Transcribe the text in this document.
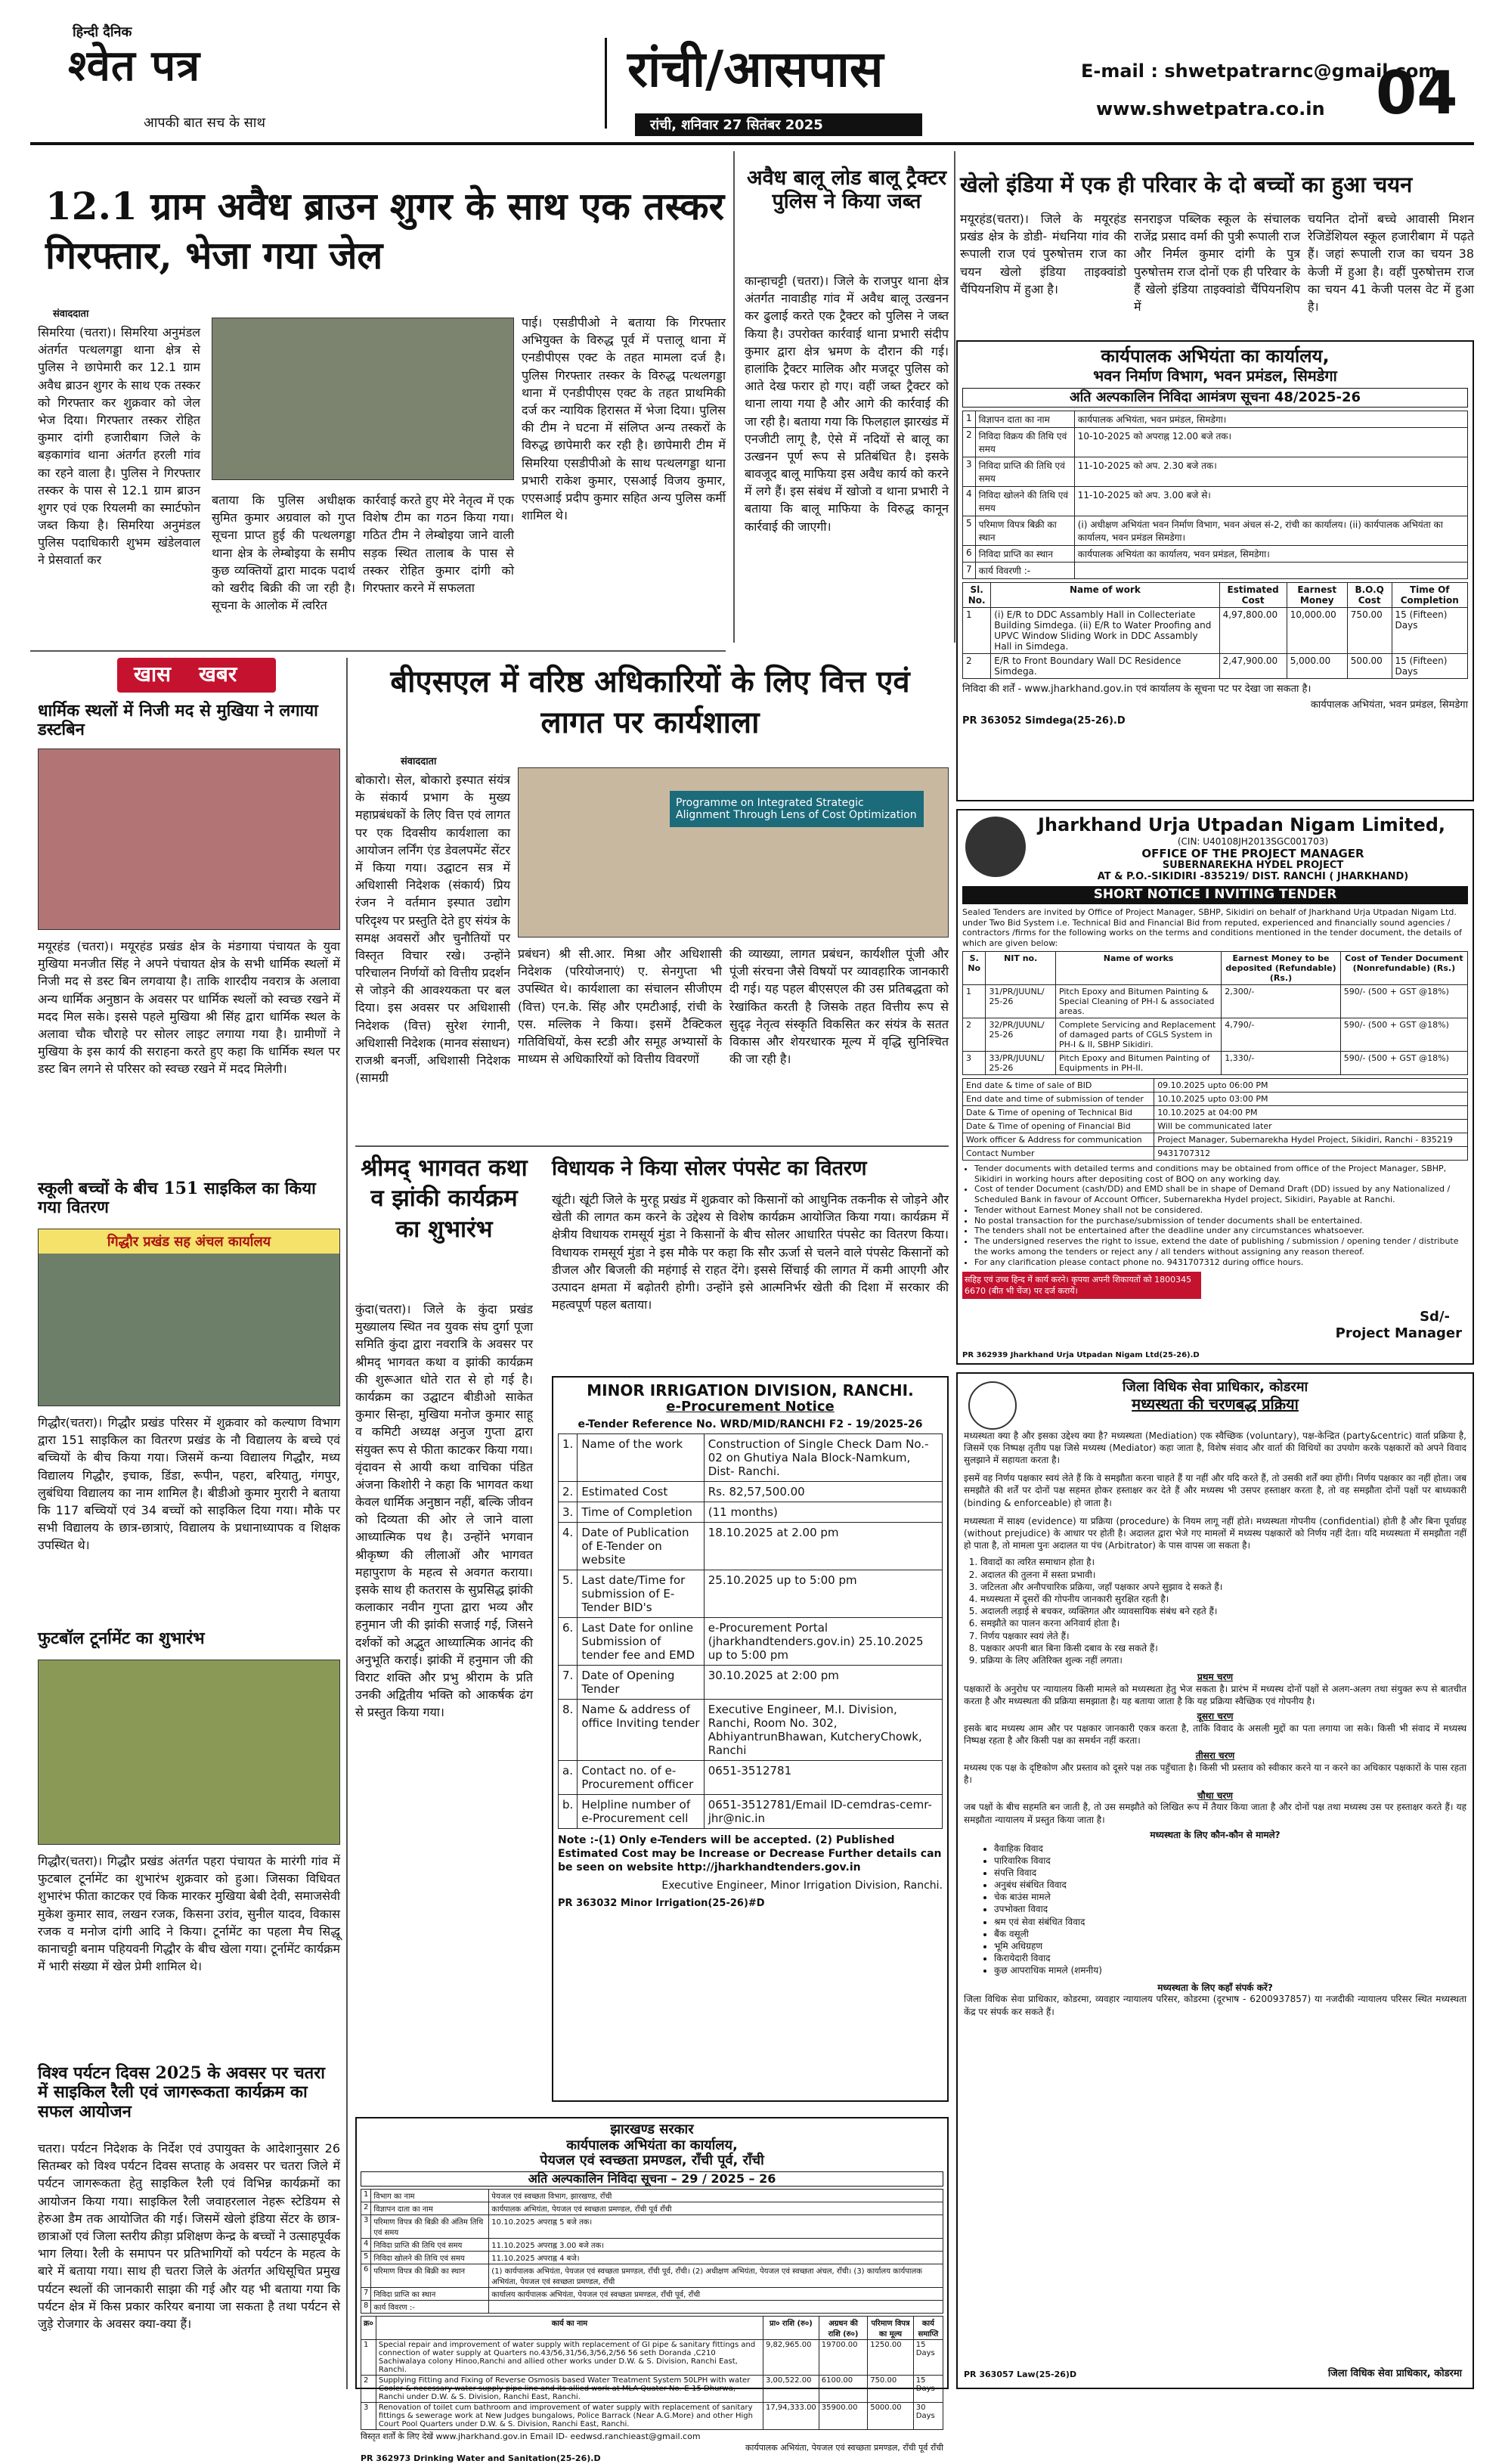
हिन्दी दैनिक
श्वेत पत्र
आपकी बात सच के साथ
रांची/आसपास
रांची, शनिवार 27 सितंबर 2025
E-mail : shwetpatrarnc@gmail.com
www.shwetpatra.co.in 04
12.1 ग्राम अवैध ब्राउन शुगर के साथ एक तस्कर गिरफ्तार, भेजा गया जेल
संवाददाता
सिमरिया (चतरा)। सिमरिया अनुमंडल अंतर्गत पत्थलगड्डा थाना क्षेत्र से पुलिस ने छापेमारी कर 12.1 ग्राम अवैध ब्राउन शुगर के साथ एक तस्कर को गिरफ्तार कर शुक्रवार को जेल भेज दिया। गिरफ्तार तस्कर रोहित कुमार दांगी हजारीबाग जिले के बड़कागांव थाना अंतर्गत हरली गांव का रहने वाला है। पुलिस ने गिरफ्तार तस्कर के पास से 12.1 ग्राम ब्राउन शुगर एवं एक रियलमी का स्मार्टफोन जब्त किया है। सिमरिया अनुमंडल पुलिस पदाधिकारी शुभम खंडेलवाल ने प्रेसवार्ता कर
बताया कि पुलिस अधीक्षक सुमित कुमार अग्रवाल को गुप्त सूचना प्राप्त हुई की पत्थलगड्डा थाना क्षेत्र के लेम्बोइया के समीप कुछ व्यक्तियों द्वारा मादक पदार्थ को खरीद बिक्री की जा रही है। सूचना के आलोक में त्वरित
कार्रवाई करते हुए मेरे नेतृत्व में एक विशेष टीम का गठन किया गया। गठित टीम ने लेम्बोइया जाने वाली सड़क स्थित तालाब के पास से तस्कर रोहित कुमार दांगी को गिरफ्तार करने में सफलता
पाई। एसडीपीओ ने बताया कि गिरफ्तार अभियुक्त के विरुद्ध पूर्व में पत्तालू थाना में एनडीपीएस एक्ट के तहत मामला दर्ज है। पुलिस गिरफ्तार तस्कर के विरुद्ध पत्थलगड्डा थाना में एनडीपीएस एक्ट के तहत प्राथमिकी दर्ज कर न्यायिक हिरासत में भेजा दिया। पुलिस की टीम ने घटना में संलिप्त अन्य तस्करों के विरुद्ध छापेमारी कर रही है। छापेमारी टीम में सिमरिया एसडीपीओ के साथ पत्थलगड्डा थाना प्रभारी राकेश कुमार, एसआई विजय कुमार, एएसआई प्रदीप कुमार सहित अन्य पुलिस कर्मी शामिल थे।
अवैध बालू लोड बालू ट्रैक्टर पुलिस ने किया जब्त
कान्हाचट्टी (चतरा)। जिले के राजपुर थाना क्षेत्र अंतर्गत नावाडीह गांव में अवैध बालू उत्खनन कर ढुलाई करते एक ट्रैक्टर को पुलिस ने जब्त किया है। उपरोक्त कार्रवाई थाना प्रभारी संदीप कुमार द्वारा क्षेत्र भ्रमण के दौरान की गई। हालांकि ट्रैक्टर मालिक और मजदूर पुलिस को आते देख फरार हो गए। वहीं जब्त ट्रैक्टर को थाना लाया गया है और आगे की कार्रवाई की जा रही है। बताया गया कि फिलहाल झारखंड में एनजीटी लागू है, ऐसे में नदियों से बालू का उत्खनन पूर्ण रूप से प्रतिबंधित है। इसके बावजूद बालू माफिया इस अवैध कार्य को करने में लगे हैं। इस संबंध में खोजो व थाना प्रभारी ने बताया कि बालू माफिया के विरुद्ध कानून कार्रवाई की जाएगी।
खेलो इंडिया में एक ही परिवार के दो बच्चों का हुआ चयन
मयूरहंड(चतरा)। जिले के मयूरहंड प्रखंड क्षेत्र के डोडी- मंधनिया गांव की रूपाली राज एवं पुरुषोत्तम राज का चयन खेलो इंडिया ताइक्वांडो चैंपियनशिप में हुआ है।
सनराइज पब्लिक स्कूल के संचालक राजेंद्र प्रसाद वर्मा की पुत्री रूपाली राज और निर्मल कुमार दांगी के पुत्र पुरुषोत्तम राज दोनों एक ही परिवार के हैं खेलो इंडिया ताइक्वांडो चैंपियनशिप में
चयनित दोनों बच्चे आवासी मिशन रेजिडेंशियल स्कूल हजारीबाग में पढ़ते हैं। जहां रूपाली राज का चयन 38 केजी में हुआ है। वहीं पुरुषोत्तम राज का चयन 41 केजी पलस वेट में हुआ है।
कार्यपालक अभियंता का कार्यालय,
भवन निर्माण विभाग, भवन प्रमंडल, सिमडेगा
अति अल्पकालिन निविदा आमंत्रण सूचना 48/2025-26
1	विज्ञापन दाता का नाम	कार्यपालक अभियंता, भवन प्रमंडल, सिमडेगा।
2	निविदा विक्रय की तिथि एवं समय	10-10-2025 को अपराह्न 12.00 बजे तक।
3	निविदा प्राप्ति की तिथि एवं समय	11-10-2025 को अप. 2.30 बजे तक।
4	निविदा खोलने की तिथि एवं समय	11-10-2025 को अप. 3.00 बजे से।
5	परिमाण विपत्र बिक्री का स्थान	(i) अधीक्षण अभियंता भवन निर्माण विभाग, भवन अंचल सं-2, रांची का कार्यालय। (ii) कार्यपालक अभियंता का कार्यालय, भवन प्रमंडल सिमडेगा।
6	निविदा प्राप्ति का स्थान	कार्यपालक अभियंता का कार्यालय, भवन प्रमंडल, सिमडेगा।
7	कार्य विवरणी :-	
Sl. No.	Name of work	Estimated Cost	Earnest Money	B.O.Q Cost	Time Of Completion
1	(i) E/R to DDC Assambly Hall in Collecteriate Building Simdega. (ii) E/R to Water Proofing and UPVC Window Sliding Work in DDC Assambly Hall in Simdega.	4,97,800.00	10,000.00	750.00	15 (Fifteen) Days
2	E/R to Front Boundary Wall DC Residence Simdega.	2,47,900.00	5,000.00	500.00	15 (Fifteen) Days
निविदा की शर्तें - www.jharkhand.gov.in एवं कार्यालय के सूचना पट पर देखा जा सकता है।
कार्यपालक अभियंता, भवन प्रमंडल, सिमडेगा
PR 363052 Simdega(25-26).D
खास खबर
धार्मिक स्थलों में निजी मद से मुखिया ने लगाया डस्टबिन
मयूरहंड (चतरा)। मयूरहंड प्रखंड क्षेत्र के मंडगाया पंचायत के युवा मुखिया मनजीत सिंह ने अपने पंचायत क्षेत्र के सभी धार्मिक स्थलों में निजी मद से डस्ट बिन लगवाया है। ताकि शारदीय नवरात्र के अलावा अन्य धार्मिक अनुष्ठान के अवसर पर धार्मिक स्थलों को स्वच्छ रखने में मदद मिल सके। इससे पहले मुखिया श्री सिंह द्वारा धार्मिक स्थल के अलावा चौक चौराहे पर सोलर लाइट लगाया गया है। ग्रामीणों ने मुखिया के इस कार्य की सराहना करते हुए कहा कि धार्मिक स्थल पर डस्ट बिन लगने से परिसर को स्वच्छ रखने में मदद मिलेगी।
स्कूली बच्चों के बीच 151 साइकिल का किया गया वितरण
गिद्धौर प्रखंड सह अंचल कार्यालय
गिद्धौर(चतरा)। गिद्धौर प्रखंड परिसर में शुक्रवार को कल्याण विभाग द्वारा 151 साइकिल का वितरण प्रखंड के नौ विद्यालय के बच्चे एवं बच्चियों के बीच किया गया। जिसमें कन्या विद्यालय गिद्धौर, मध्य विद्यालय गिद्धौर, इचाक, डिंडा, रूपीन, पहरा, बरियातु, गंगपुर, लुबंधिया विद्यालय का नाम शामिल है। बीडीओ कुमार मुरारी ने बताया कि 117 बच्चियों एवं 34 बच्चों को साइकिल दिया गया। मौके पर सभी विद्यालय के छात्र-छात्राएं, विद्यालय के प्रधानाध्यापक व शिक्षक उपस्थित थे।
फुटबॉल टूर्नामेंट का शुभारंभ
गिद्धौर(चतरा)। गिद्धौर प्रखंड अंतर्गत पहरा पंचायत के मारंगी गांव में फुटबाल टूर्नामेंट का शुभारंभ शुक्रवार को हुआ। जिसका विधिवत शुभारंभ फीता काटकर एवं किक मारकर मुखिया बेबी देवी, समाजसेवी मुकेश कुमार साव, लखन रजक, किसना उरांव, सुनील यादव, विकास रजक व मनोज दांगी आदि ने किया। टूर्नामेंट का पहला मैच सिद्धू कानाचट्टी बनाम पहियवनी गिद्धौर के बीच खेला गया। टूर्नामेंट कार्यक्रम में भारी संख्या में खेल प्रेमी शामिल थे।
विश्व पर्यटन दिवस 2025 के अवसर पर चतरा में साइकिल रैली एवं जागरूकता कार्यक्रम का सफल आयोजन
चतरा। पर्यटन निदेशक के निर्देश एवं उपायुक्त के आदेशानुसार 26 सितम्बर को विश्व पर्यटन दिवस सप्ताह के अवसर पर चतरा जिले में पर्यटन जागरूकता हेतु साइकिल रैली एवं विभिन्न कार्यक्रमों का आयोजन किया गया। साइकिल रैली जवाहरलाल नेहरू स्टेडियम से हेरुआ डैम तक आयोजित की गई। जिसमें खेलो इंडिया सेंटर के छात्र-छात्राओं एवं जिला स्तरीय क्रीड़ा प्रशिक्षण केन्द्र के बच्चों ने उत्साहपूर्वक भाग लिया। रैली के समापन पर प्रतिभागियों को पर्यटन के महत्व के बारे में बताया गया। साथ ही चतरा जिले के अंतर्गत अधिसूचित प्रमुख पर्यटन स्थलों की जानकारी साझा की गई और यह भी बताया गया कि पर्यटन क्षेत्र में किस प्रकार करियर बनाया जा सकता है तथा पर्यटन से जुड़े रोजगार के अवसर क्या-क्या हैं।
बीएसएल में वरिष्ठ अधिकारियों के लिए वित्त एवं लागत पर कार्यशाला
संवाददाता
बोकारो। सेल, बोकारो इस्पात संयंत्र के संकार्य प्रभाग के मुख्य महाप्रबंधकों के लिए वित्त एवं लागत पर एक दिवसीय कार्यशाला का आयोजन लर्निंग एंड डेवलपमेंट सेंटर में किया गया। उद्घाटन सत्र में अधिशासी निदेशक (संकार्य) प्रिय रंजन ने वर्तमान इस्पात उद्योग परिदृश्य पर प्रस्तुति देते हुए संयंत्र के समक्ष अवसरों और चुनौतियों पर विस्तृत विचार रखे। उन्होंने परिचालन निर्णयों को वित्तीय प्रदर्शन से जोड़ने की आवश्यकता पर बल दिया। इस अवसर पर अधिशासी निदेशक (वित्त) सुरेश रंगानी, अधिशासी निदेशक (मानव संसाधन) राजश्री बनर्जी, अधिशासी निदेशक (सामग्री
Programme on Integrated Strategic Alignment Through Lens of Cost Optimization
प्रबंधन) श्री सी.आर. मिश्रा और अधिशासी निदेशक (परियोजनाएं) ए. सेनगुप्ता भी उपस्थित थे। कार्यशाला का संचालन सीजीएम (वित्त) एन.के. सिंह और एमटीआई, रांची के एस. मल्लिक ने किया। इसमें टैक्टिकल गतिविधियों, केस स्टडी और समूह अभ्यासों के माध्यम से अधिकारियों को वित्तीय विवरणों
की व्याख्या, लागत प्रबंधन, कार्यशील पूंजी और पूंजी संरचना जैसे विषयों पर व्यावहारिक जानकारी दी गई। यह पहल बीएसएल की उस प्रतिबद्धता को रेखांकित करती है जिसके तहत वित्तीय रूप से सुदृढ़ नेतृत्व संस्कृति विकसित कर संयंत्र के सतत विकास और शेयरधारक मूल्य में वृद्धि सुनिश्चित की जा रही है।
श्रीमद् भागवत कथा व झांकी कार्यक्रम का शुभारंभ
कुंदा(चतरा)। जिले के कुंदा प्रखंड मुख्यालय स्थित नव युवक संघ दुर्गा पूजा समिति कुंदा द्वारा नवरात्रि के अवसर पर श्रीमद् भागवत कथा व झांकी कार्यक्रम की शुरूआत धोते रात से हो गई है। कार्यक्रम का उद्घाटन बीडीओ साकेत कुमार सिन्हा, मुखिया मनोज कुमार साहू व कमिटी अध्यक्ष अनुज गुप्ता द्वारा संयुक्त रूप से फीता काटकर किया गया। वृंदावन से आयी कथा वाचिका पंडित अंजना किशोरी ने कहा कि भागवत कथा केवल धार्मिक अनुष्ठान नहीं, बल्कि जीवन को दिव्यता की ओर ले जाने वाला आध्यात्मिक पथ है। उन्होंने भगवान श्रीकृष्ण की लीलाओं और भागवत महापुराण के महत्व से अवगत कराया। इसके साथ ही कतरास के सुप्रसिद्ध झांकी कलाकार नवीन गुप्ता द्वारा भव्य और हनुमान जी की झांकी सजाई गई, जिसने दर्शकों को अद्भुत आध्यात्मिक आनंद की अनुभूति कराई। झांकी में हनुमान जी की विराट शक्ति और प्रभु श्रीराम के प्रति उनकी अद्वितीय भक्ति को आकर्षक ढंग से प्रस्तुत किया गया।
विधायक ने किया सोलर पंपसेट का वितरण
खूंटी। खूंटी जिले के मुरहू प्रखंड में शुक्रवार को किसानों को आधुनिक तकनीक से जोड़ने और खेती की लागत कम करने के उद्देश्य से विशेष कार्यक्रम आयोजित किया गया। कार्यक्रम में क्षेत्रीय विधायक रामसूर्य मुंडा ने किसानों के बीच सोलर आधारित पंपसेट का वितरण किया। विधायक रामसूर्य मुंडा ने इस मौके पर कहा कि सौर ऊर्जा से चलने वाले पंपसेट किसानों को डीजल और बिजली की महंगाई से राहत देंगे। इससे सिंचाई की लागत में कमी आएगी और उत्पादन क्षमता में बढ़ोतरी होगी। उन्होंने इसे आत्मनिर्भर खेती की दिशा में सरकार की महत्वपूर्ण पहल बताया।
MINOR IRRIGATION DIVISION, RANCHI.
e-Procurement Notice
e-Tender Reference No. WRD/MID/RANCHI F2 - 19/2025-26
1.	Name of the work	Construction of Single Check Dam No.- 02 on Ghutiya Nala Block-Namkum, Dist- Ranchi.
2.	Estimated Cost	Rs. 82,57,500.00
3.	Time of Completion	(11 months)
4.	Date of Publication of E-Tender on website	18.10.2025 at 2.00 pm
5.	Last date/Time for submission of E-Tender BID's	25.10.2025 up to 5:00 pm
6.	Last Date for online Submission of tender fee and EMD	e-Procurement Portal (jharkhandtenders.gov.in) 25.10.2025 up to 5:00 pm
7.	Date of Opening Tender	30.10.2025 at 2:00 pm
8.	Name & address of office Inviting tender	Executive Engineer, M.I. Division, Ranchi, Room No. 302, AbhiyantrunBhawan, KutcheryChowk, Ranchi
a.	Contact no. of e-Procurement officer	0651-3512781
b.	Helpline number of e-Procurement cell	0651-3512781/Email ID-cemdras-cemr-jhr@nic.in
Note :-(1) Only e-Tenders will be accepted. (2) Published Estimated Cost may be Increase or Decrease Further details can be seen on website http://jharkhandtenders.gov.in
Executive Engineer, Minor Irrigation Division, Ranchi.
PR 363032 Minor Irrigation(25-26)#D
झारखण्ड सरकार
कार्यपालक अभियंता का कार्यालय,
पेयजल एवं स्वच्छता प्रमण्डल, राँची पूर्व, राँची
अति अल्पकालिन निविदा सूचना – 29 / 2025 – 26
1	विभाग का नाम	पेयजल एवं स्वच्छता विभाग, झारखण्ड, राँची
2	विज्ञापन दाता का नाम	कार्यपालक अभियंता, पेयजल एवं स्वच्छता प्रमण्डल, राँची पूर्व राँची
3	परिमाण विपत्र की बिक्री की अंतिम तिथि एवं समय	10.10.2025 अपराह्न 5 बजे तक।
4	निविदा प्राप्ति की तिथि एवं समय	11.10.2025 अपराह्न 3.00 बजे तक।
5	निविदा खोलने की तिथि एवं समय	11.10.2025 अपराह्न 4 बजे।
6	परिमाण विपत्र की बिक्री का स्थान	(1) कार्यपालक अभियंता, पेयजल एवं स्वच्छता प्रमण्डल, राँची पूर्व, राँची। (2) अधीक्षण अभियंता, पेयजल एवं स्वच्छता अंचल, राँची। (3) कार्यालय कार्यपालक अभियंता, पेयजल एवं स्वच्छता प्रमण्डल, राँची
7	निविदा प्राप्ति का स्थान	कार्यालय कार्यपालक अभियंता, पेयजल एवं स्वच्छता प्रमण्डल, राँची पूर्व, राँची
8	कार्य विवरण :-	
क्र०	कार्य का नाम	प्रा० राशि (रु०)	अग्रधन की राशि (रु०)	परिमाण विपत्र का मूल्य	कार्य समाप्ति
1	Special repair and improvement of water supply with replacement of GI pipe & sanitary fittings and connection of water supply at Quarters no.43/56,31/56,3/56,2/56 56 seth Doranda ,C210 Sachiwalaya colony Hinoo,Ranchi and allied other works under D.W. & S. Division, Ranchi East, Ranchi.	9,82,965.00	19700.00	1250.00	15 Days
2	Supplying Fitting and Fixing of Reverse Osmosis based Water Treatment System 50LPH with water Cooler & necessary water supply pipe line and its allied work at MLA Quater No.-E-15 Dhurwa, Ranchi under D.W. & S. Division, Ranchi East, Ranchi.	3,00,522.00	6100.00	750.00	15 Days
3	Renovation of toilet cum bathroom and improvement of water supply with replacement of sanitary fittings & sewerage work at New Judges bungalows, Police Barrack (Near A.G.More) and other High Court Pool Quarters under D.W. & S. Division, Ranchi East, Ranchi.	17,94,333.00	35900.00	5000.00	30 Days
विस्तृत शर्तों के लिए देखें www.jharkhand.gov.in Email ID- eedwsd.ranchieast@gmail.com
कार्यपालक अभियंता, पेयजल एवं स्वच्छता प्रमण्डल, राँची पूर्व राँची
PR 362973 Drinking Water and Sanitation(25-26).D
Jharkhand Urja Utpadan Nigam Limited,
(CIN: U40108JH2013SGC001703)
OFFICE OF THE PROJECT MANAGER
SUBERNAREKHA HYDEL PROJECT
AT & P.O.-SIKIDIRI -835219/ DIST. RANCHI ( JHARKHAND)
SHORT NOTICE I NVITING TENDER
Sealed Tenders are invited by Office of Project Manager, SBHP, Sikidiri on behalf of Jharkhand Urja Utpadan Nigam Ltd. under Two Bid System i.e. Technical Bid and Financial Bid from reputed, experienced and financially sound agencies / contractors /firms for the following works on the terms and conditions mentioned in the tender document, the details of which are given below:
S. No	NIT no.	Name of works	Earnest Money to be deposited (Refundable) (Rs.)	Cost of Tender Document (Nonrefundable) (Rs.)
1	31/PR/JUUNL/ 25-26	Pitch Epoxy and Bitumen Painting & Special Cleaning of PH-I & associated areas.	2,300/-	590/- (500 + GST @18%)
2	32/PR/JUUNL/ 25-26	Complete Servicing and Replacement of damaged parts of CGLS System in PH-I & II, SBHP Sikidiri.	4,790/-	590/- (500 + GST @18%)
3	33/PR/JUUNL/ 25-26	Pitch Epoxy and Bitumen Painting of Equipments in PH-II.	1,330/-	590/- (500 + GST @18%)
End date & time of sale of BID	09.10.2025 upto 06:00 PM
End date and time of submission of tender	10.10.2025 upto 03:00 PM
Date & Time of opening of Technical Bid	10.10.2025 at 04:00 PM
Date & Time of opening of Financial Bid	Will be communicated later
Work officer & Address for communication	Project Manager, Subernarekha Hydel Project, Sikidiri, Ranchi - 835219
Contact Number	9431707312
• Tender documents with detailed terms and conditions may be obtained from office of the Project Manager, SBHP, Sikidiri in working hours after depositing cost of BOQ on any working day.
• Cost of tender Document (cash/DD) and EMD shall be in shape of Demand Draft (DD) issued by any Nationalized / Scheduled Bank in favour of Account Officer, Subernarekha Hydel project, Sikidiri, Payable at Ranchi.
• Tender without Earnest Money shall not be considered.
• No postal transaction for the purchase/submission of tender documents shall be entertained.
• The tenders shall not be entertained after the deadline under any circumstances whatsoever.
• The undersigned reserves the right to issue, extend the date of publishing / submission / opening tender / distribute the works among the tenders or reject any / all tenders without assigning any reason thereof.
• For any clarification please contact phone no. 9431707312 during office hours.
सहिह एवं उच्च हिन्द में कार्य करने। कृपया अपनी शिकायतों को 1800345 6670 (बीत भी चेंज) पर दर्ज करायें।
Sd/-
Project Manager
PR 362939 Jharkhand Urja Utpadan Nigam Ltd(25-26).D
जिला विधिक सेवा प्राधिकार, कोडरमा
मध्यस्थता की चरणबद्ध प्रक्रिया
मध्यस्थता क्या है और इसका उद्देश्य क्या है? मध्यस्थता (Mediation) एक स्वैच्छिक (voluntary), पक्ष-केन्द्रित (party&centric) वार्ता प्रक्रिया है, जिसमें एक निष्पक्ष तृतीय पक्ष जिसे मध्यस्थ (Mediator) कहा जाता है, विशेष संवाद और वार्ता की विधियों का उपयोग करके पक्षकारों को अपने विवाद सुलझाने में सहायता करता है।
इसमें वह निर्णय पक्षकार स्वयं लेते हैं कि वे समझौता करना चाहते हैं या नहीं और यदि करते हैं, तो उसकी शर्तें क्या होंगी। निर्णय पक्षकार का नहीं होता। जब समझौते की शर्तें पर दोनों पक्ष सहमत होकर हस्ताक्षर कर देते हैं और मध्यस्थ भी उसपर हस्ताक्षर करता है, तो वह समझौता दोनों पक्षों पर बाध्यकारी (binding & enforceable) हो जाता है।
मध्यस्थता में साक्ष्य (evidence) या प्रक्रिया (procedure) के नियम लागू नहीं होते। मध्यस्थता गोपनीय (confidential) होती है और बिना पूर्वाग्रह (without prejudice) के आधार पर होती है। अदालत द्वारा भेजे गए मामलों में मध्यस्थ पक्षकारों को निर्णय नहीं देता। यदि मध्यस्थता में समझौता नहीं हो पाता है, तो मामला पुनः अदालत या पंच (Arbitrator) के पास वापस जा सकता है।
1. विवादों का त्वरित समाधान होता है।
2. अदालत की तुलना में सस्ता प्रभावी।
3. जटिलता और अनौपचारिक प्रक्रिया, जहाँ पक्षकार अपने सुझाव दे सकते हैं।
4. मध्यस्थता में दूसरों की गोपनीय जानकारी सुरक्षित रहती है।
5. अदालती लड़ाई से बचकर, व्यक्तिगत और व्यावसायिक संबंध बने रहते हैं।
6. समझौते का पालन करना अनिवार्य होता है।
7. निर्णय पक्षकार स्वयं लेते हैं।
8. पक्षकार अपनी बात बिना किसी दबाव के रख सकते हैं।
9. प्रक्रिया के लिए अतिरिक्त शुल्क नहीं लगता।
प्रथम चरण
पक्षकारों के अनुरोध पर न्यायालय किसी मामले को मध्यस्थता हेतु भेज सकता है। प्रारंभ में मध्यस्थ दोनों पक्षों से अलग-अलग तथा संयुक्त रूप से बातचीत करता है और मध्यस्थता की प्रक्रिया समझाता है। यह बताया जाता है कि यह प्रक्रिया स्वैच्छिक एवं गोपनीय है।
दूसरा चरण
इसके बाद मध्यस्थ आम और पर पक्षकार जानकारी एकत्र करता है, ताकि विवाद के असली मुद्दों का पता लगाया जा सके। किसी भी संवाद में मध्यस्थ निष्पक्ष रहता है और किसी पक्ष का समर्थन नहीं करता।
तीसरा चरण
मध्यस्थ एक पक्ष के दृष्टिकोण और प्रस्ताव को दूसरे पक्ष तक पहुँचाता है। किसी भी प्रस्ताव को स्वीकार करने या न करने का अधिकार पक्षकारों के पास रहता है।
चौथा चरण
जब पक्षों के बीच सहमति बन जाती है, तो उस समझौते को लिखित रूप में तैयार किया जाता है और दोनों पक्ष तथा मध्यस्थ उस पर हस्ताक्षर करते हैं। यह समझौता न्यायालय में प्रस्तुत किया जाता है।
मध्यस्थता के लिए कौन-कौन से मामले?
• वैवाहिक विवाद
• पारिवारिक विवाद
• संपत्ति विवाद
• अनुबंध संबंधित विवाद
• चेक बाउंस मामले
• उपभोक्ता विवाद
• श्रम एवं सेवा संबंधित विवाद
• बैंक वसूली
• भूमि अधिग्रहण
• किरायेदारी विवाद
• कुछ आपराधिक मामले (शमनीय)
मध्यस्थता के लिए कहाँ संपर्क करें?
जिला विधिक सेवा प्राधिकार, कोडरमा, व्यवहार न्यायालय परिसर, कोडरमा (दूरभाष - 6200937857) या नजदीकी न्यायालय परिसर स्थित मध्यस्थता केंद्र पर संपर्क कर सकते हैं।
जिला विधिक सेवा प्राधिकार, कोडरमा
PR 363057 Law(25-26)D
